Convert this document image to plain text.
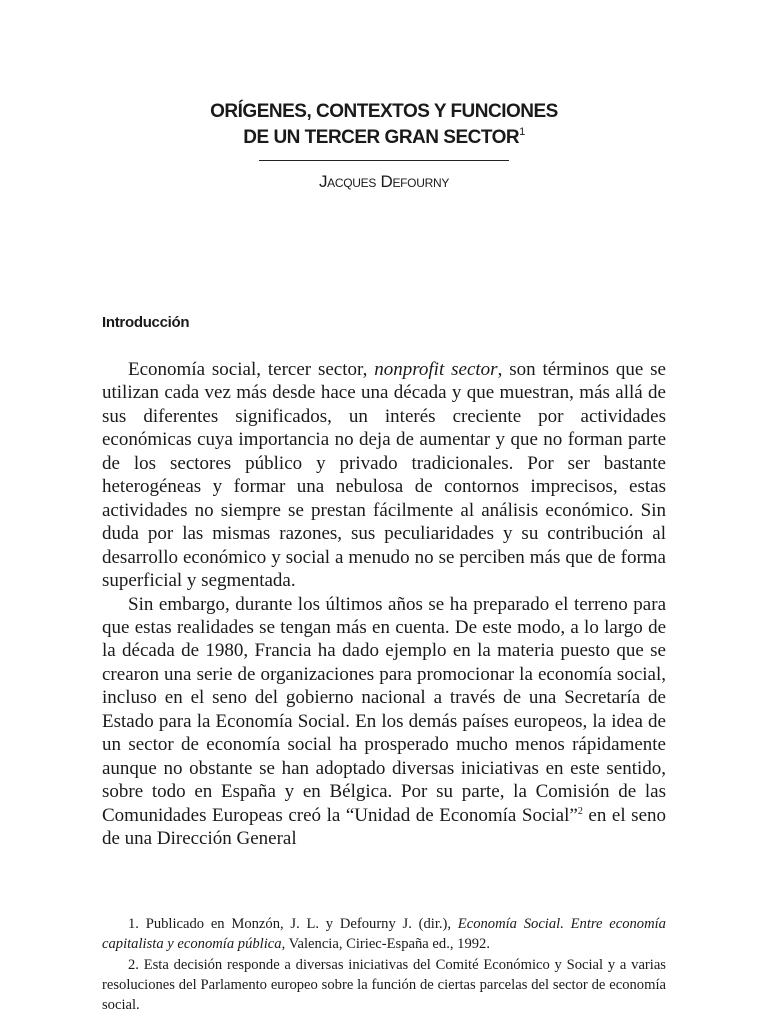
ORÍGENES, CONTEXTOS Y FUNCIONES
DE UN TERCER GRAN SECTOR$^1$

Jacques Defourny

Introducción

Economía social, tercer sector, nonprofit sector, son términos que se utilizan cada vez más desde hace una década y que muestran, más allá de sus diferentes significados, un interés creciente por actividades económicas cuya importancia no deja de aumentar y que no forman parte de los sectores público y privado tradicionales. Por ser bastante heterogéneas y formar una nebulosa de contornos imprecisos, estas actividades no siempre se prestan fácilmente al análisis económico. Sin duda por las mismas razones, sus peculiaridades y su contribución al desarrollo económico y social a menudo no se perciben más que de forma superficial y segmentada.

Sin embargo, durante los últimos años se ha preparado el terreno para que estas realidades se tengan más en cuenta. De este modo, a lo largo de la década de 1980, Francia ha dado ejemplo en la materia puesto que se crearon una serie de organizaciones para promocionar la economía social, incluso en el seno del gobierno nacional a través de una Secretaría de Estado para la Economía Social. En los demás países europeos, la idea de un sector de economía social ha prosperado mucho menos rápidamente aunque no obstante se han adoptado diversas iniciativas en este sentido, sobre todo en España y en Bélgica. Por su parte, la Comisión de las Comunidades Europeas creó la “Unidad de Economía Social”$^2$ en el seno de una Dirección General

1. Publicado en Monzón, J. L. y Defourny J. (dir.), Economía Social. Entre economía capitalista y economía pública, Valencia, Ciriec-España ed., 1992.

2. Esta decisión responde a diversas iniciativas del Comité Económico y Social y a varias resoluciones del Parlamento europeo sobre la función de ciertas parcelas del sector de economía social.
